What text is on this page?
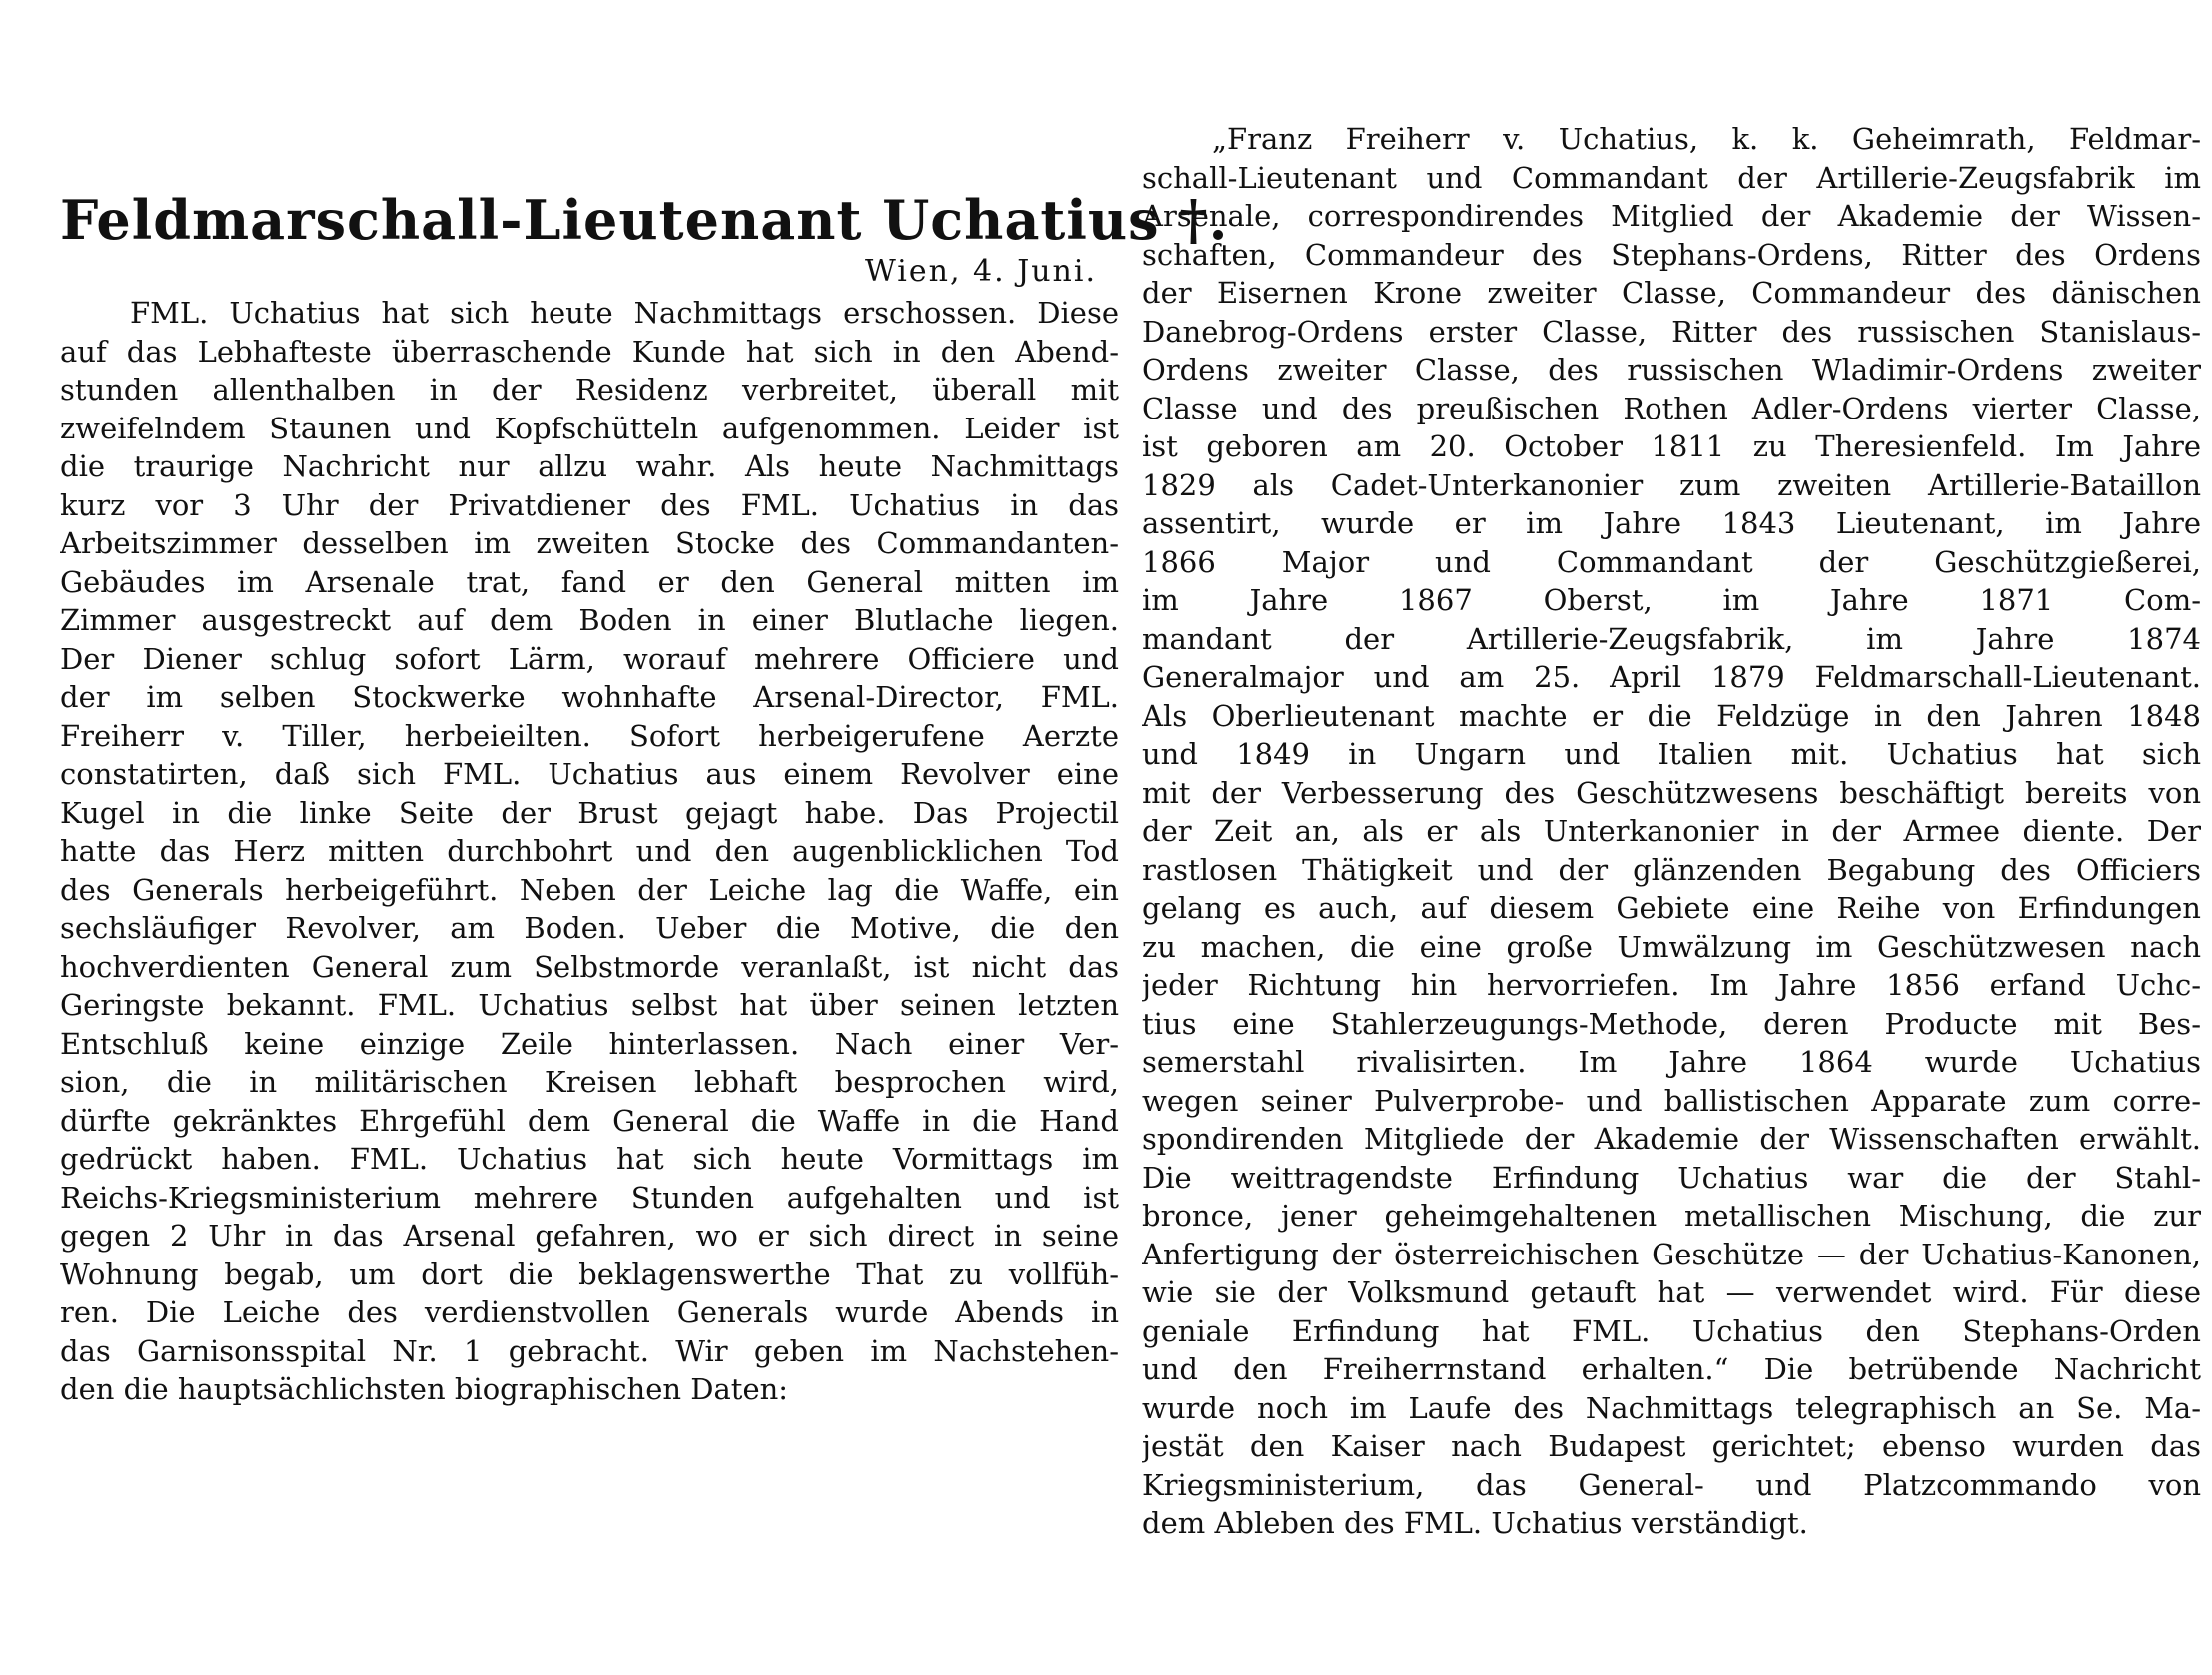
Feldmarschall-Lieutenant Uchatius †.
Wien, 4. Juni.
FML. Uchatius hat sich heute Nachmittags erschossen. Diese
auf das Lebhafteste überraschende Kunde hat sich in den Abend-
stunden allenthalben in der Residenz verbreitet, überall mit
zweifelndem Staunen und Kopfschütteln aufgenommen. Leider ist
die traurige Nachricht nur allzu wahr. Als heute Nachmittags
kurz vor 3 Uhr der Privatdiener des FML. Uchatius in das
Arbeitszimmer desselben im zweiten Stocke des Commandanten-
Gebäudes im Arsenale trat, fand er den General mitten im
Zimmer ausgestreckt auf dem Boden in einer Blutlache liegen.
Der Diener schlug sofort Lärm, worauf mehrere Officiere und
der im selben Stockwerke wohnhafte Arsenal-Director, FML.
Freiherr v. Tiller, herbeieilten. Sofort herbeigerufene Aerzte
constatirten, daß sich FML. Uchatius aus einem Revolver eine
Kugel in die linke Seite der Brust gejagt habe. Das Projectil
hatte das Herz mitten durchbohrt und den augenblicklichen Tod
des Generals herbeigeführt. Neben der Leiche lag die Waffe, ein
sechsläufiger Revolver, am Boden. Ueber die Motive, die den
hochverdienten General zum Selbstmorde veranlaßt, ist nicht das
Geringste bekannt. FML. Uchatius selbst hat über seinen letzten
Entschluß keine einzige Zeile hinterlassen. Nach einer Ver-
sion, die in militärischen Kreisen lebhaft besprochen wird,
dürfte gekränktes Ehrgefühl dem General die Waffe in die Hand
gedrückt haben. FML. Uchatius hat sich heute Vormittags im
Reichs-Kriegsministerium mehrere Stunden aufgehalten und ist
gegen 2 Uhr in das Arsenal gefahren, wo er sich direct in seine
Wohnung begab, um dort die beklagenswerthe That zu vollfüh-
ren. Die Leiche des verdienstvollen Generals wurde Abends in
das Garnisonsspital Nr. 1 gebracht. Wir geben im Nachstehen-
den die hauptsächlichsten biographischen Daten:
„Franz Freiherr v. Uchatius, k. k. Geheimrath, Feldmar-
schall-Lieutenant und Commandant der Artillerie-Zeugsfabrik im
Arsenale, correspondirendes Mitglied der Akademie der Wissen-
schaften, Commandeur des Stephans-Ordens, Ritter des Ordens
der Eisernen Krone zweiter Classe, Commandeur des dänischen
Danebrog-Ordens erster Classe, Ritter des russischen Stanislaus-
Ordens zweiter Classe, des russischen Wladimir-Ordens zweiter
Classe und des preußischen Rothen Adler-Ordens vierter Classe,
ist geboren am 20. October 1811 zu Theresienfeld. Im Jahre
1829 als Cadet-Unterkanonier zum zweiten Artillerie-Bataillon
assentirt, wurde er im Jahre 1843 Lieutenant, im Jahre
1866 Major und Commandant der Geschützgießerei,
im Jahre 1867 Oberst, im Jahre 1871 Com-
mandant der Artillerie-Zeugsfabrik, im Jahre 1874
Generalmajor und am 25. April 1879 Feldmarschall-Lieutenant.
Als Oberlieutenant machte er die Feldzüge in den Jahren 1848
und 1849 in Ungarn und Italien mit. Uchatius hat sich
mit der Verbesserung des Geschützwesens beschäftigt bereits von
der Zeit an, als er als Unterkanonier in der Armee diente. Der
rastlosen Thätigkeit und der glänzenden Begabung des Officiers
gelang es auch, auf diesem Gebiete eine Reihe von Erfindungen
zu machen, die eine große Umwälzung im Geschützwesen nach
jeder Richtung hin hervorriefen. Im Jahre 1856 erfand Uchc-
tius eine Stahlerzeugungs-Methode, deren Producte mit Bes-
semerstahl rivalisirten. Im Jahre 1864 wurde Uchatius
wegen seiner Pulverprobe- und ballistischen Apparate zum corre-
spondirenden Mitgliede der Akademie der Wissenschaften erwählt.
Die weittragendste Erfindung Uchatius war die der Stahl-
bronce, jener geheimgehaltenen metallischen Mischung, die zur
Anfertigung der österreichischen Geschütze — der Uchatius-Kanonen,
wie sie der Volksmund getauft hat — verwendet wird. Für diese
geniale Erfindung hat FML. Uchatius den Stephans-Orden
und den Freiherrnstand erhalten.“ Die betrübende Nachricht
wurde noch im Laufe des Nachmittags telegraphisch an Se. Ma-
jestät den Kaiser nach Budapest gerichtet; ebenso wurden das
Kriegsministerium, das General- und Platzcommando von
dem Ableben des FML. Uchatius verständigt.
